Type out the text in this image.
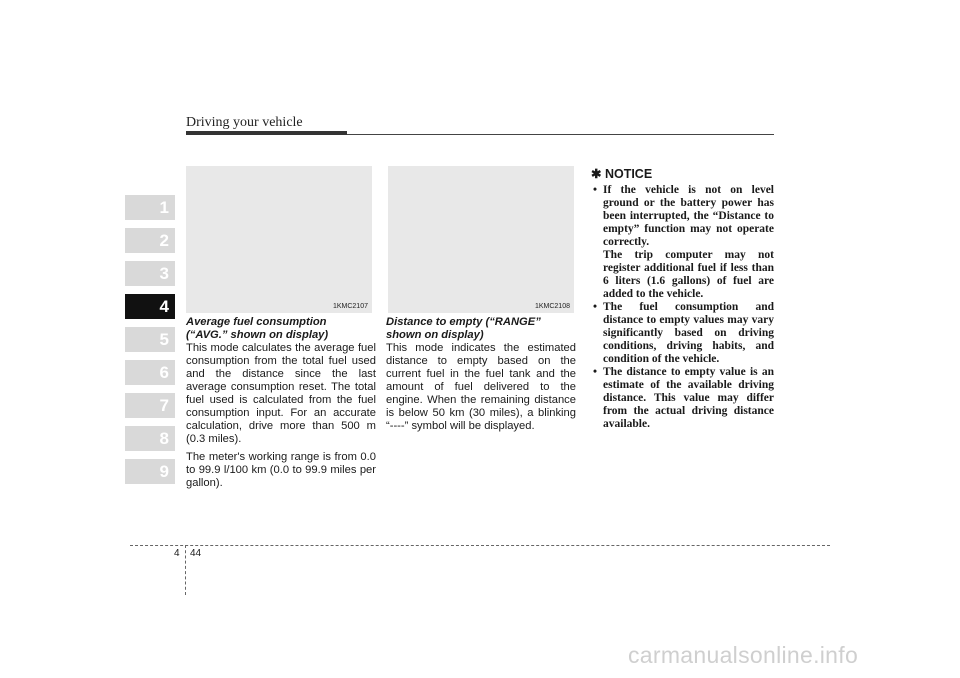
Driving your vehicle
1
2
3
4
5
6
7
8
9
1KMC2107	1KMC2108

Average fuel consumption
(“AVG.” shown on display)

This mode calculates the average fuel consumption from the total fuel used and the distance since the last average consumption reset. The total fuel used is calculated from the fuel consumption input. For an accurate calculation, drive more than 500 m (0.3 miles).

The meter's working range is from 0.0 to 99.9 l/100 km (0.0 to 99.9 miles per gallon).

Distance to empty (“RANGE”
shown on display)

This mode indicates the estimated distance to empty based on the current fuel in the fuel tank and the amount of fuel delivered to the engine. When the remaining distance is below 50 km (30 miles), a blinking “----” symbol will be displayed.

✱ NOTICE

• If the vehicle is not on level ground or the battery power has been interrupted, the “Distance to empty” function may not operate correctly.
The trip computer may not register additional fuel if less than 6 liters (1.6 gallons) of fuel are added to the vehicle.
• The fuel consumption and distance to empty values may vary significantly based on driving conditions, driving habits, and condition of the vehicle.
• The distance to empty value is an estimate of the available driving distance. This value may differ from the actual driving distance available.
4 44
carmanualsonline.info
